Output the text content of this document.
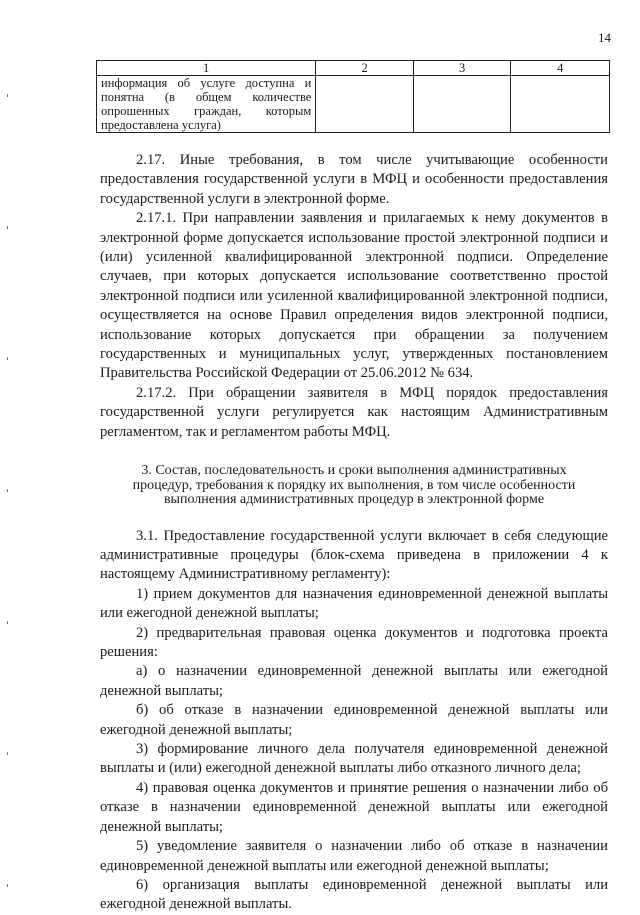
14
1	2	3	4
информация об услуге доступна и понятна (в общем количестве опрошенных граждан, которым предоставлена услуга)			

2.17. Иные требования, в том числе учитывающие особенности предоставления государственной услуги в МФЦ и особенности предоставления государственной услуги в электронной форме.

2.17.1. При направлении заявления и прилагаемых к нему документов в электронной форме допускается использование простой электронной подписи и (или) усиленной квалифицированной электронной подписи. Определение случаев, при которых допускается использование соответственно простой электронной подписи или усиленной квалифицированной электронной подписи, осуществляется на основе Правил определения видов электронной подписи, использование которых допускается при обращении за получением государственных и муниципальных услуг, утвержденных постановлением Правительства Российской Федерации от 25.06.2012 № 634.

2.17.2. При обращении заявителя в МФЦ порядок предоставления государственной услуги регулируется как настоящим Административным регламентом, так и регламентом работы МФЦ.

3. Состав, последовательность и сроки выполнения административных процедур, требования к порядку их выполнения, в том числе особенности выполнения административных процедур в электронной форме

3.1. Предоставление государственной услуги включает в себя следующие административные процедуры (блок-схема приведена в приложении 4 к настоящему Административному регламенту):

1) прием документов для назначения единовременной денежной выплаты или ежегодной денежной выплаты;

2) предварительная правовая оценка документов и подготовка проекта решения:

а) о назначении единовременной денежной выплаты или ежегодной денежной выплаты;

б) об отказе в назначении единовременной денежной выплаты или ежегодной денежной выплаты;

3) формирование личного дела получателя единовременной денежной выплаты и (или) ежегодной денежной выплаты либо отказного личного дела;

4) правовая оценка документов и принятие решения о назначении либо об отказе в назначении единовременной денежной выплаты или ежегодной денежной выплаты;

5) уведомление заявителя о назначении либо об отказе в назначении единовременной денежной выплаты или ежегодной денежной выплаты;

6) организация выплаты единовременной денежной выплаты или ежегодной денежной выплаты.

ˈ
ˈ
ˈ
ˈ
ˈ
ˈ
ˈ
